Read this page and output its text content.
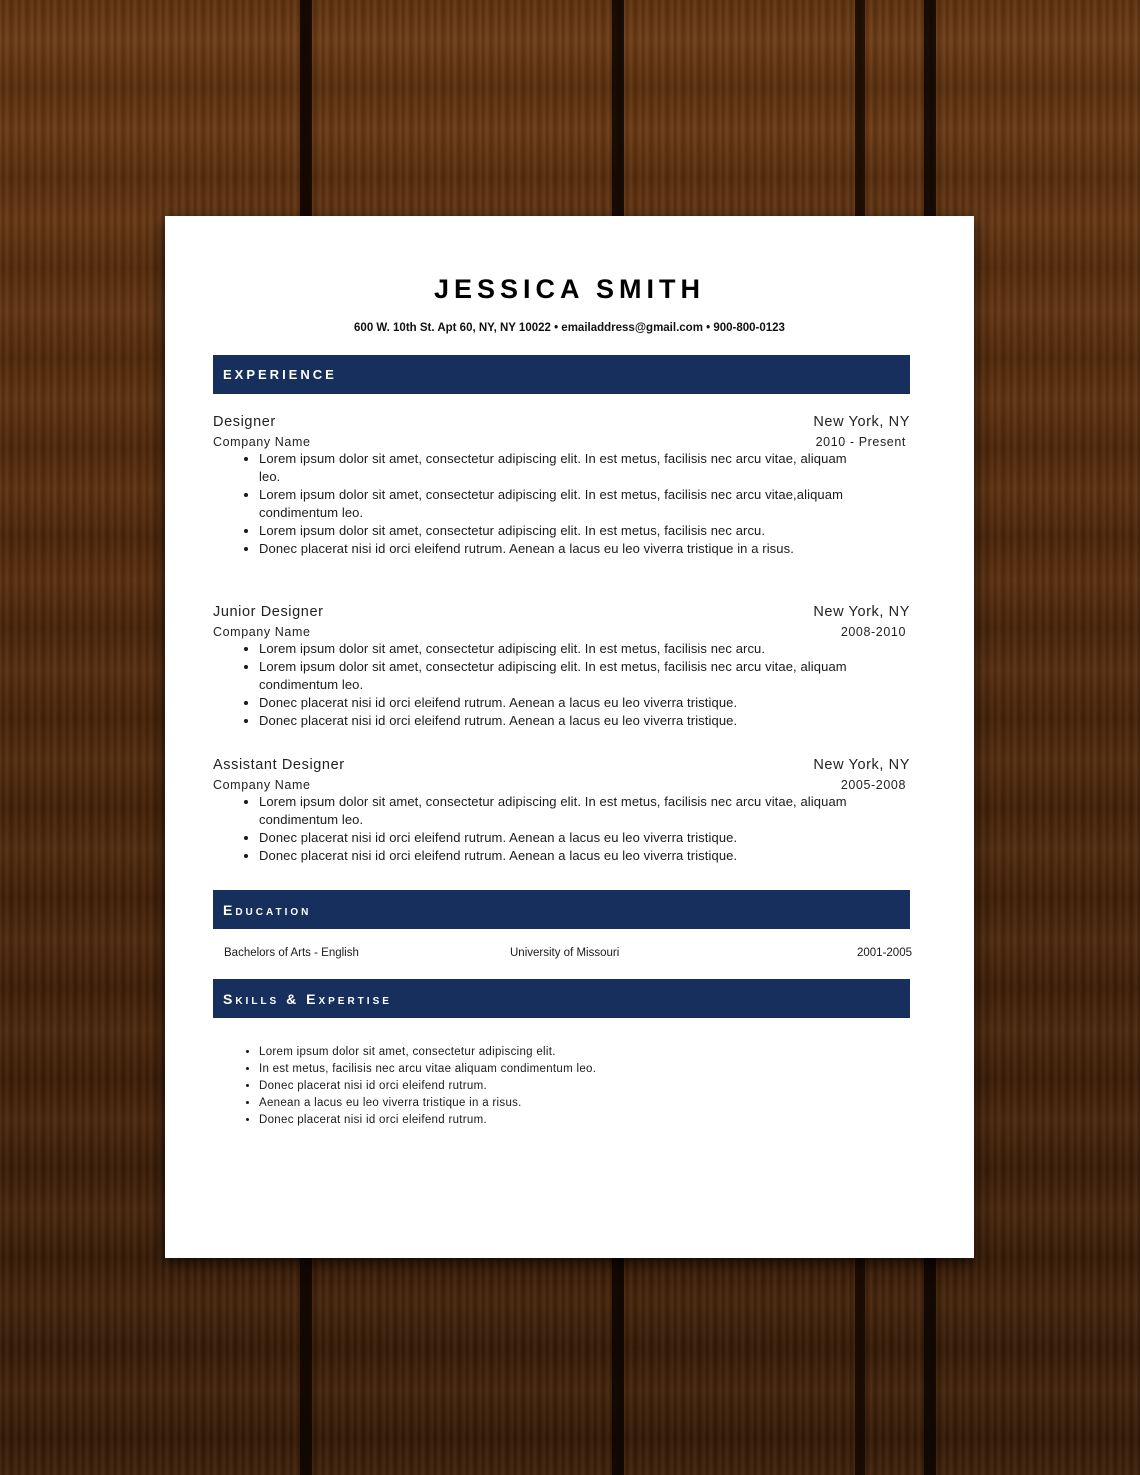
JESSICA SMITH
600 W. 10th St. Apt 60, NY, NY 10022 • emailaddress@gmail.com • 900-800-0123
EXPERIENCE
Designer	New York, NY
Company Name	2010 - Present
• Lorem ipsum dolor sit amet, consectetur adipiscing elit. In est metus, facilisis nec arcu vitae, aliquam leo.
• Lorem ipsum dolor sit amet, consectetur adipiscing elit. In est metus, facilisis nec arcu vitae,aliquam condimentum leo.
• Lorem ipsum dolor sit amet, consectetur adipiscing elit. In est metus, facilisis nec arcu.
• Donec placerat nisi id orci eleifend rutrum. Aenean a lacus eu leo viverra tristique in a risus.
Junior Designer	New York, NY
Company Name	2008-2010
• Lorem ipsum dolor sit amet, consectetur adipiscing elit. In est metus, facilisis nec arcu.
• Lorem ipsum dolor sit amet, consectetur adipiscing elit. In est metus, facilisis nec arcu vitae, aliquam condimentum leo.
• Donec placerat nisi id orci eleifend rutrum. Aenean a lacus eu leo viverra tristique.
• Donec placerat nisi id orci eleifend rutrum. Aenean a lacus eu leo viverra tristique.
Assistant Designer	New York, NY
Company Name	2005-2008
• Lorem ipsum dolor sit amet, consectetur adipiscing elit. In est metus, facilisis nec arcu vitae, aliquam condimentum leo.
• Donec placerat nisi id orci eleifend rutrum. Aenean a lacus eu leo viverra tristique.
• Donec placerat nisi id orci eleifend rutrum. Aenean a lacus eu leo viverra tristique.
Education
Bachelors of Arts - English	University of Missouri	2001-2005
Skills & Expertise
• Lorem ipsum dolor sit amet, consectetur adipiscing elit.
• In est metus, facilisis nec arcu vitae aliquam condimentum leo.
• Donec placerat nisi id orci eleifend rutrum.
• Aenean a lacus eu leo viverra tristique in a risus.
• Donec placerat nisi id orci eleifend rutrum.
